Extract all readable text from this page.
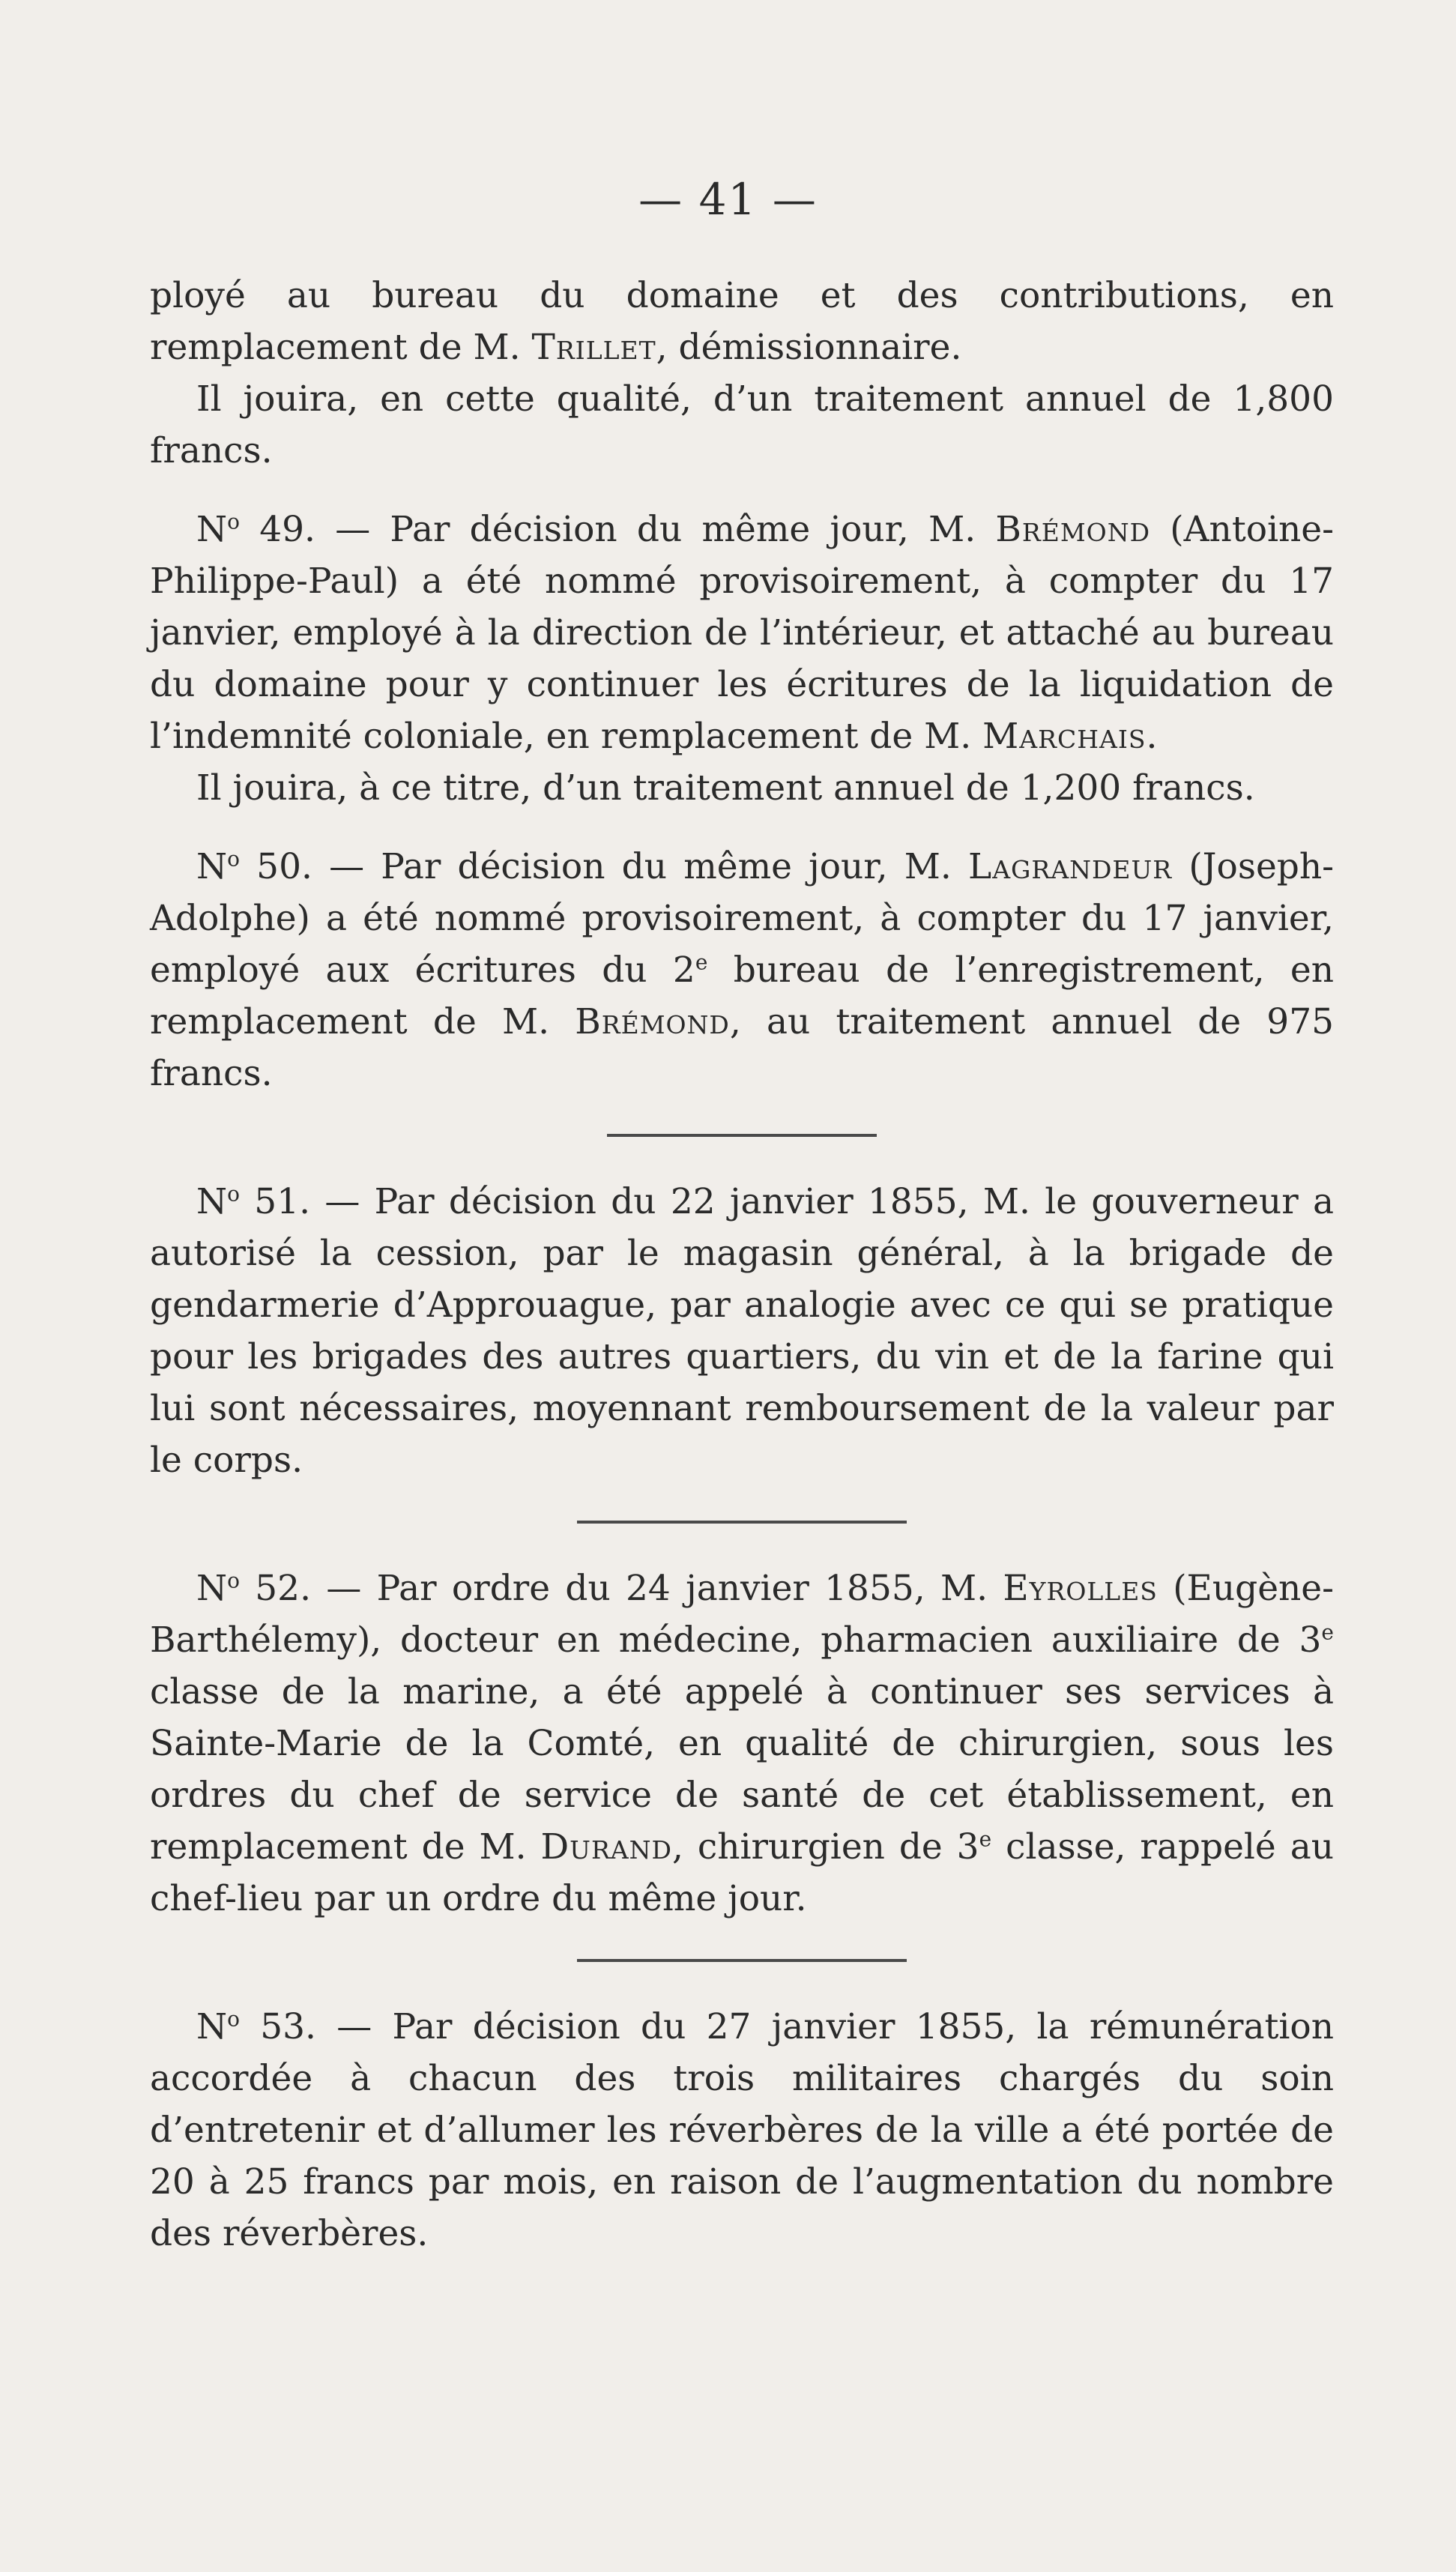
— 41 —

ployé au bureau du domaine et des contributions, en remplacement de M. Trillet, démissionnaire.

Il jouira, en cette qualité, d’un traitement annuel de 1,800 francs.

$N^o$ 49. — Par décision du même jour, M. Brémond (Antoine-Philippe-Paul) a été nommé provisoirement, à compter du 17 janvier, employé à la direction de l’intérieur, et attaché au bureau du domaine pour y continuer les écritures de la liquidation de l’indemnité coloniale, en remplacement de M. Marchais.

Il jouira, à ce titre, d’un traitement annuel de 1,200 francs.

$N^o$ 50. — Par décision du même jour, M. Lagrandeur (Joseph-Adolphe) a été nommé provisoirement, à compter du 17 janvier, employé aux écritures du 2e bureau de l’enregistrement, en remplacement de M. Brémond, au traitement annuel de 975 francs.

$N^o$ 51. — Par décision du 22 janvier 1855, M. le gouverneur a autorisé la cession, par le magasin général, à la brigade de gendarmerie d’Approuague, par analogie avec ce qui se pratique pour les brigades des autres quartiers, du vin et de la farine qui lui sont nécessaires, moyennant remboursement de la valeur par le corps.

$N^o$ 52. — Par ordre du 24 janvier 1855, M. Eyrolles (Eugène-Barthélemy), docteur en médecine, pharmacien auxiliaire de 3e classe de la marine, a été appelé à continuer ses services à Sainte-Marie de la Comté, en qualité de chirurgien, sous les ordres du chef de service de santé de cet établissement, en remplacement de M. Durand, chirurgien de 3e classe, rappelé au chef-lieu par un ordre du même jour.

$N^o$ 53. — Par décision du 27 janvier 1855, la rémunération accordée à chacun des trois militaires chargés du soin d’entretenir et d’allumer les réverbères de la ville a été portée de 20 à 25 francs par mois, en raison de l’augmentation du nombre des réverbères.
